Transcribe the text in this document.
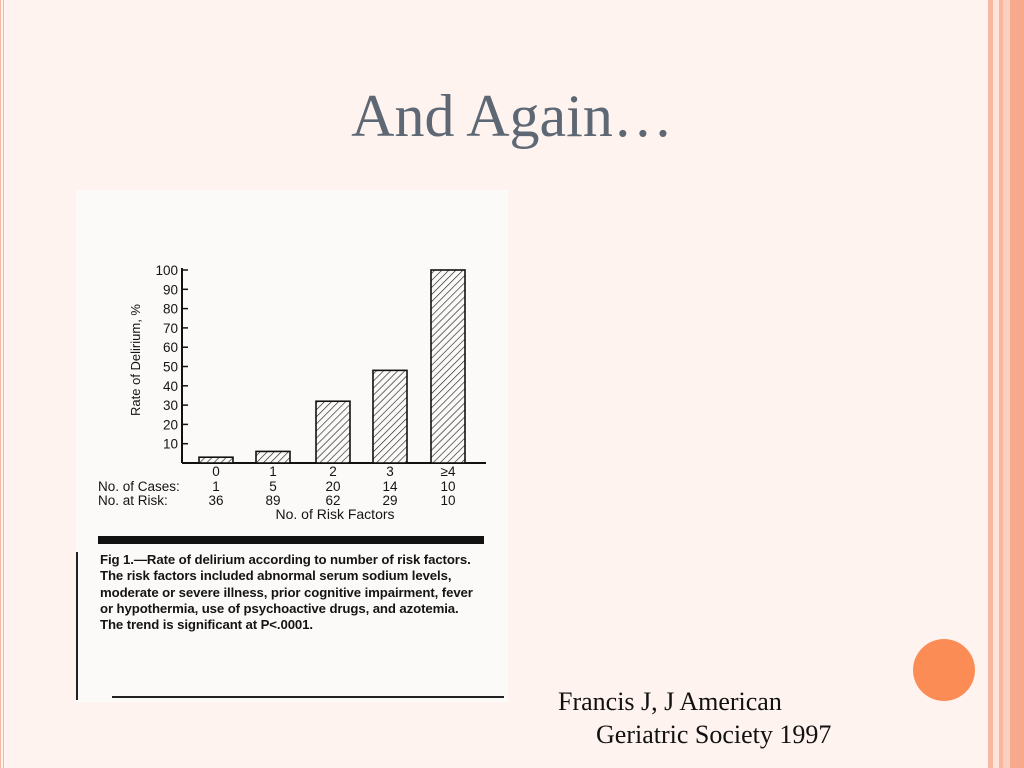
And Again…
10
20
30
40
50
60
70
80
90
100
0	1	2	3	≥4
No. of Cases: 1	5	20	14	10
No. at Risk:	36	89	62	29	10
Rate of Delirium, %
No. of Risk Factors

Fig 1.—Rate of delirium according to number of risk factors. The risk factors included abnormal serum sodium levels, moderate or severe illness, prior cognitive impairment, fever or hypothermia, use of psychoactive drugs, and azotemia. The trend is significant at P<.0001.

Francis J, J American
Geriatric Society 1997
